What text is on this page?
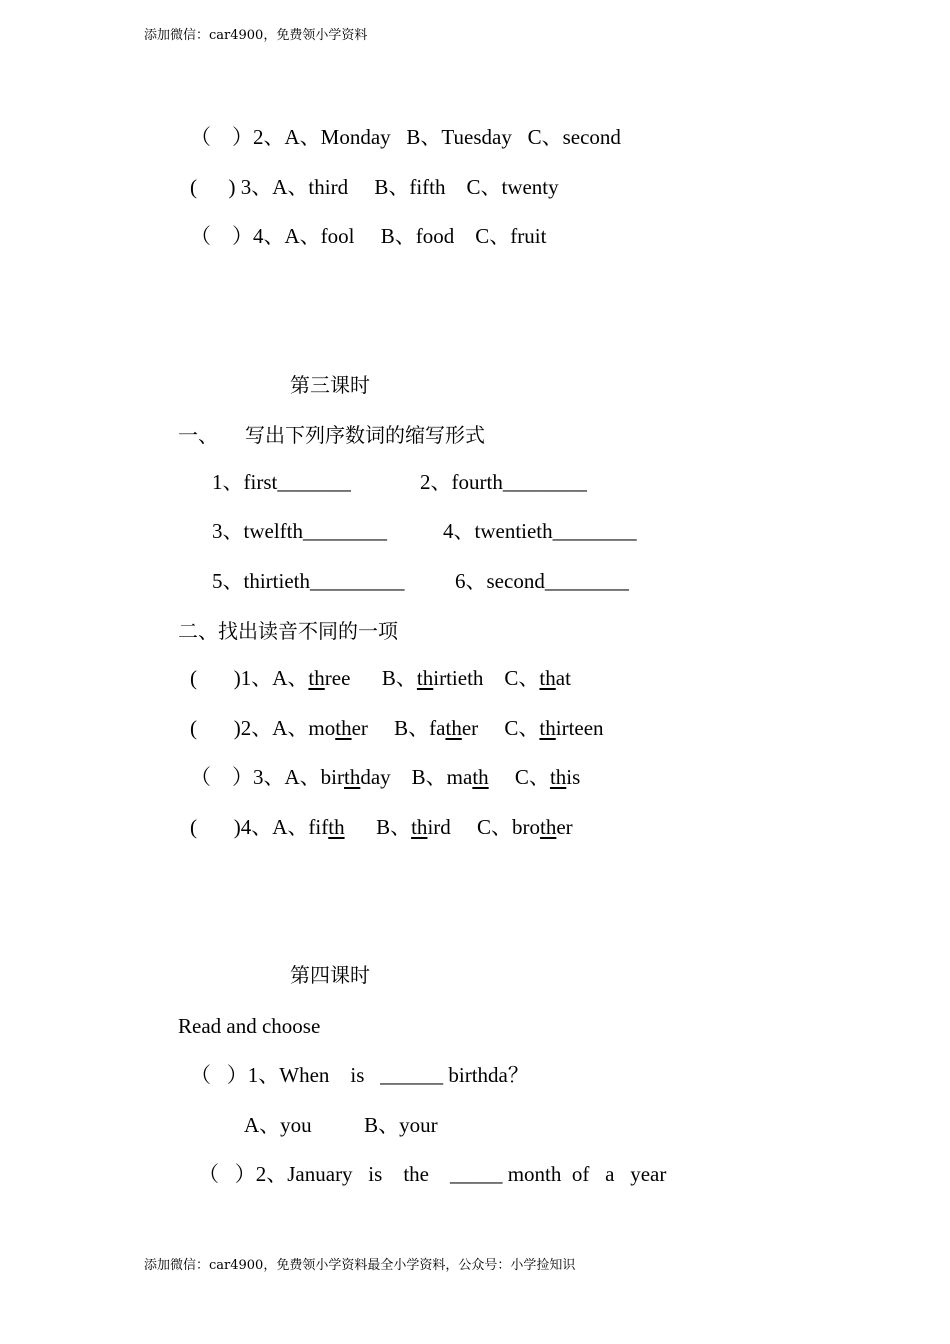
添加微信：car4900，免费领小学资料
（    ）2、A、Monday   B、Tuesday   C、second
(      ) 3、A、third     B、fifth    C、twenty
（    ）4、A、fool     B、food    C、fruit
第三课时
一、 写出下列序数词的缩写形式
1、first_______	2、fourth________
3、twelfth________	4、twentieth________
5、thirtieth_________ 6、second________
二、找出读音不同的一项
(       )1、A、three      B、thirtieth    C、that
(       )2、A、mother     B、father     C、thirteen
（    ）3、A、birthday    B、math     C、this
(       )4、A、fifth      B、third     C、brother
第四课时
Read and choose
（   ）1、When    is   ______ birthda？
A、you          B、your
（   ）2、January   is    the    _____ month  of   a   year
添加微信：car4900，免费领小学资料最全小学资料，公众号：小学捡知识
